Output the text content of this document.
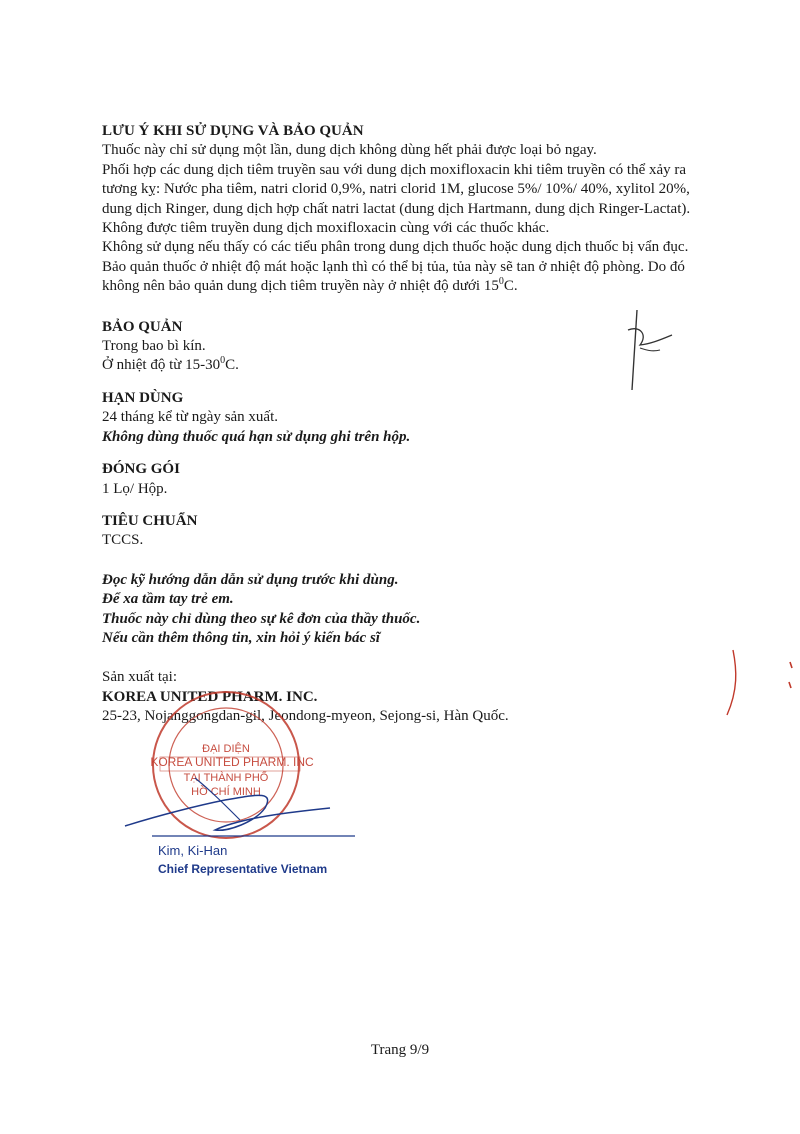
LƯU Ý KHI SỬ DỤNG VÀ BẢO QUẢN

Thuốc này chỉ sử dụng một lần, dung dịch không dùng hết phải được loại bỏ ngay.

Phối hợp các dung dịch tiêm truyền sau với dung dịch moxifloxacin khi tiêm truyền có thể xảy ra

tương kỵ: Nước pha tiêm, natri clorid 0,9%, natri clorid 1M, glucose 5%/ 10%/ 40%, xylitol 20%,

dung dịch Ringer, dung dịch hợp chất natri lactat (dung dịch Hartmann, dung dịch Ringer-Lactat).

Không được tiêm truyền dung dịch moxifloxacin cùng với các thuốc khác.

Không sử dụng nếu thấy có các tiểu phân trong dung dịch thuốc hoặc dung dịch thuốc bị vẩn đục.

Bảo quản thuốc ở nhiệt độ mát hoặc lạnh thì có thể bị tủa, tủa này sẽ tan ở nhiệt độ phòng. Do đó

không nên bảo quản dung dịch tiêm truyền này ở nhiệt độ dưới $15^0C$.

BẢO QUẢN

Trong bao bì kín.

Ở nhiệt độ từ $15-30^0C$.

HẠN DÙNG

24 tháng kể từ ngày sản xuất.

Không dùng thuốc quá hạn sử dụng ghi trên hộp.

ĐÓNG GÓI

1 Lọ/ Hộp.

TIÊU CHUẨN

TCCS.

Đọc kỹ hướng dẫn dẫn sử dụng trước khi dùng.

Để xa tầm tay trẻ em.

Thuốc này chỉ dùng theo sự kê đơn của thầy thuốc.

Nếu cần thêm thông tin, xin hỏi ý kiến bác sĩ

Sản xuất tại:

KOREA UNITED PHARM. INC.

25-23, Nojanggongdan-gil, Jeondong-myeon, Sejong-si, Hàn Quốc.

ĐẠI DIỆN
KOREA UNITED PHARM. INC
TẠI THÀNH PHỐ
HỒ CHÍ MINH
Kim, Ki-Han
Chief Representative Vietnam
Trang 9/9
